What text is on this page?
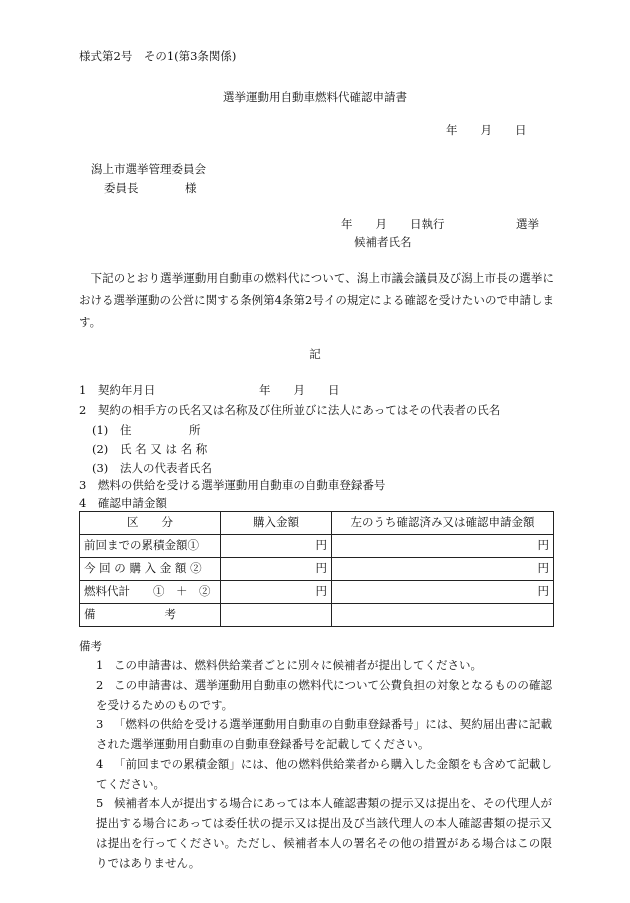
様式第2号　その1(第3条関係)
選挙運動用自動車燃料代確認申請書
年　　月　　日
潟上市選挙管理委員会
委員長	様
年　　月　　日執行	選挙
候補者氏名
下記のとおり選挙運動用自動車の燃料代について、潟上市議会議員及び潟上市長の選挙における選挙運動の公営に関する条例第4条第2号イの規定による確認を受けたいので申請します。
記
1　契約年月日	年　　月　　日
2　契約の相手方の氏名又は名称及び住所並びに法人にあってはその代表者の氏名
(1) 住　　　　　所
(2) 氏 名 又 は 名 称
(3) 法人の代表者氏名
3　燃料の供給を受ける選挙運動用自動車の自動車登録番号
4　確認申請金額
区　　分	購入金額	左のうち確認済み又は確認申請金額
前回までの累積金額①	円	円
今 回 の 購 入 金 額 ②	円	円
燃料代計　　①　＋　②	円	円
備　　　　　　考		
備考
1 この申請書は、燃料供給業者ごとに別々に候補者が提出してください。
2 この申請書は、選挙運動用自動車の燃料代について公費負担の対象となるものの確認を受けるためのものです。
3 「燃料の供給を受ける選挙運動用自動車の自動車登録番号」には、契約届出書に記載された選挙運動用自動車の自動車登録番号を記載してください。
4 「前回までの累積金額」には、他の燃料供給業者から購入した金額をも含めて記載してください。
5 候補者本人が提出する場合にあっては本人確認書類の提示又は提出を、その代理人が提出する場合にあっては委任状の提示又は提出及び当該代理人の本人確認書類の提示又は提出を行ってください。ただし、候補者本人の署名その他の措置がある場合はこの限りではありません。
